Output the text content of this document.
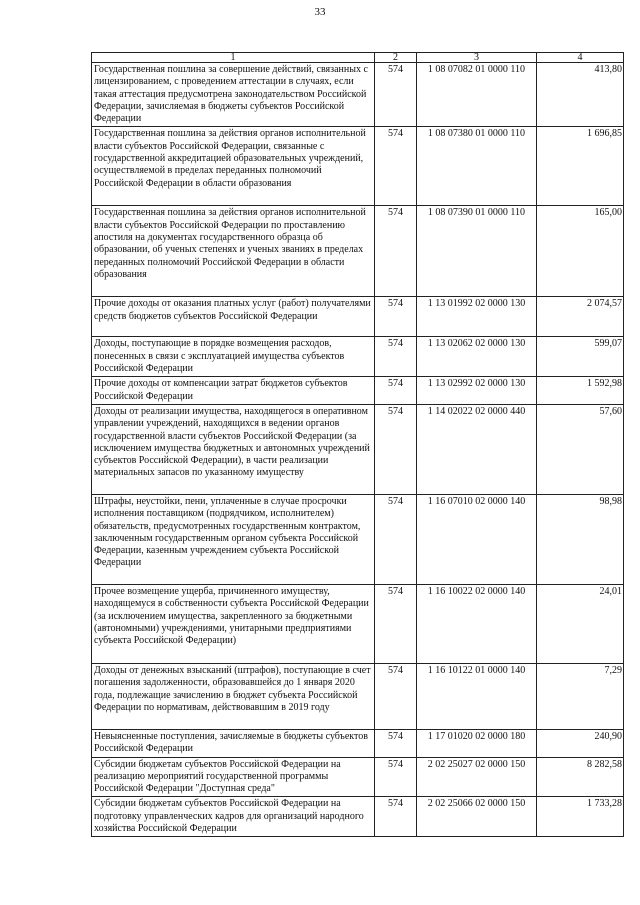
33
1	2	3	4
Государственная пошлина за совершение действий, связанных с лицензированием, с проведением аттестации в случаях, если такая аттестация предусмотрена законодательством Российской Федерации, зачисляемая в бюджеты субъектов Российской Федерации	574	1 08 07082 01 0000 110	413,80
Государственная пошлина за действия органов исполнительной власти субъектов Российской Федерации, связанные с государственной аккредитацией образовательных учреждений, осуществляемой в пределах переданных полномочий Российской Федерации в области образования	574	1 08 07380 01 0000 110	1 696,85
Государственная пошлина за действия органов исполнительной власти субъектов Российской Федерации по проставлению апостиля на документах государственного образца об образовании, об ученых степенях и ученых званиях в пределах переданных полномочий Российской Федерации в области образования	574	1 08 07390 01 0000 110	165,00
Прочие доходы от оказания платных услуг (работ) получателями средств бюджетов субъектов Российской Федерации	574	1 13 01992 02 0000 130	2 074,57
Доходы, поступающие в порядке возмещения расходов, понесенных в связи с эксплуатацией имущества субъектов Российской Федерации	574	1 13 02062 02 0000 130	599,07
Прочие доходы от компенсации затрат бюджетов субъектов Российской Федерации	574	1 13 02992 02 0000 130	1 592,98
Доходы от реализации имущества, находящегося в оперативном управлении учреждений, находящихся в ведении органов государственной власти субъектов Российской Федерации (за исключением имущества бюджетных и автономных учреждений субъектов Российской Федерации), в части реализации материальных запасов по указанному имуществу	574	1 14 02022 02 0000 440	57,60
Штрафы, неустойки, пени, уплаченные в случае просрочки исполнения поставщиком (подрядчиком, исполнителем) обязательств, предусмотренных государственным контрактом, заключенным государственным органом субъекта Российской Федерации, казенным учреждением субъекта Российской Федерации	574	1 16 07010 02 0000 140	98,98
Прочее возмещение ущерба, причиненного имуществу, находящемуся в собственности субъекта Российской Федерации (за исключением имущества, закрепленного за бюджетными (автономными) учреждениями, унитарными предприятиями субъекта Российской Федерации)	574	1 16 10022 02 0000 140	24,01
Доходы от денежных взысканий (штрафов), поступающие в счет погашения задолженности, образовавшейся до 1 января 2020 года, подлежащие зачислению в бюджет субъекта Российской Федерации по нормативам, действовавшим в 2019 году	574	1 16 10122 01 0000 140	7,29
Невыясненные поступления, зачисляемые в бюджеты субъектов Российской Федерации	574	1 17 01020 02 0000 180	240,90
Субсидии бюджетам субъектов Российской Федерации на реализацию мероприятий государственной программы Российской Федерации "Доступная среда"	574	2 02 25027 02 0000 150	8 282,58
Субсидии бюджетам субъектов Российской Федерации на подготовку управленческих кадров для организаций народного хозяйства Российской Федерации	574	2 02 25066 02 0000 150	1 733,28
